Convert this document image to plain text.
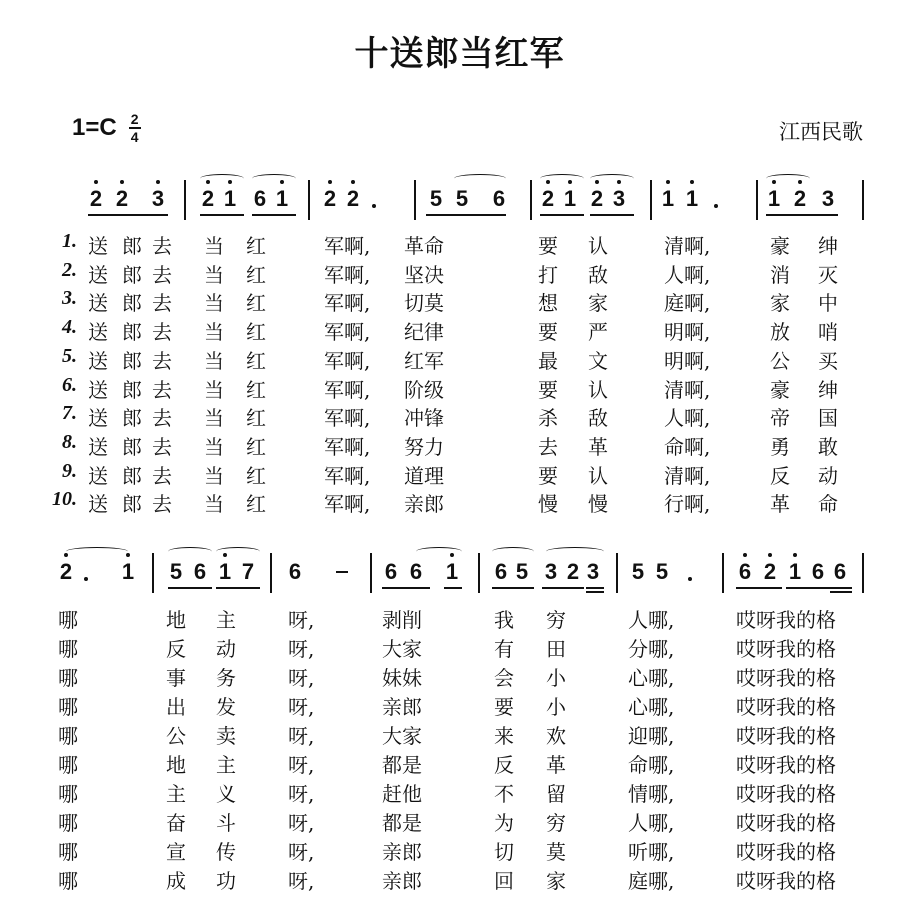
十送郎当红军
1=C 2
4	江西民歌
2 2 3 2 1 6 1 2 2	5 5 6 2 1 2 3 1 1	1 2 3
1. 送 郎 去 当 红	军啊, 革命	要 认	清啊,	豪 绅
2. 送 郎 去 当 红	军啊, 坚决	打 敌	人啊,	消 灭
3. 送 郎 去 当 红	军啊, 切莫	想 家	庭啊,	家 中
4. 送 郎 去 当 红	军啊, 纪律	要 严	明啊,	放 哨
5. 送 郎 去 当 红	军啊, 红军	最 文	明啊,	公 买
6. 送 郎 去 当 红	军啊, 阶级	要 认	清啊,	豪 绅
7. 送 郎 去 当 红	军啊, 冲锋	杀 敌	人啊,	帝 国
8. 送 郎 去 当 红	军啊, 努力	去 革	命啊,	勇 敢
9. 送 郎 去 当 红	军啊, 道理	要 认	清啊,	反 动
10. 送 郎 去 当 红	军啊, 亲郎	慢 慢	行啊,	革 命
2 1 5 6 1 7 6	6 6 1 6 5 3 2 3 5 5	6 2 1 6 6
哪	地 主	呀,	剥削	我 穷	人哪,	哎呀我的格
哪	反 动	呀,	大家	有 田	分哪,	哎呀我的格
哪	事 务	呀,	妹妹	会 小	心哪,	哎呀我的格
哪	出 发	呀,	亲郎	要 小	心哪,	哎呀我的格
哪	公 卖	呀,	大家	来 欢	迎哪,	哎呀我的格
哪	地 主	呀,	都是	反 革	命哪,	哎呀我的格
哪	主 义	呀,	赶他	不 留	情哪,	哎呀我的格
哪	奋 斗	呀,	都是	为 穷	人哪,	哎呀我的格
哪	宣 传	呀,	亲郎	切 莫	听哪,	哎呀我的格
哪	成 功	呀,	亲郎	回 家	庭哪,	哎呀我的格
